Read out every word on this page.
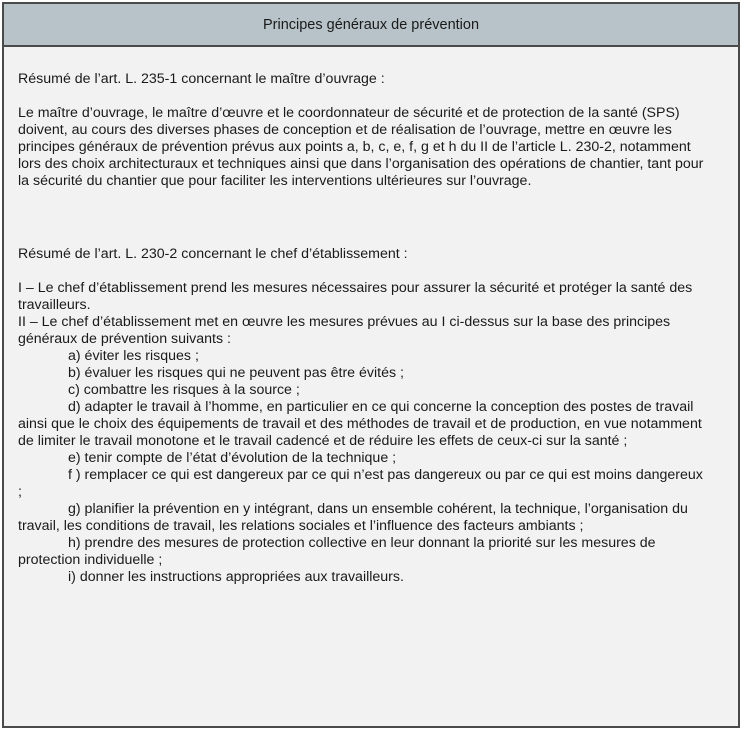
Principes généraux de prévention

Résumé de l’art. L. 235-1 concernant le maître d’ouvrage :

Le maître d’ouvrage, le maître d’œuvre et le coordonnateur de sécurité et de protection de la santé (SPS) doivent, au cours des diverses phases de conception et de réalisation de l’ouvrage, mettre en œuvre les principes généraux de prévention prévus aux points a, b, c, e, f, g et h du II de l’article L. 230-2, notamment lors des choix architecturaux et techniques ainsi que dans l’organisation des opérations de chantier, tant pour la sécurité du chantier que pour faciliter les interventions ultérieures sur l’ouvrage.

Résumé de l’art. L. 230-2 concernant le chef d’établissement :

I – Le chef d’établissement prend les mesures nécessaires pour assurer la sécurité et protéger la santé des travailleurs.

II – Le chef d’établissement met en œuvre les mesures prévues au I ci-dessus sur la base des principes généraux de prévention suivants :

a) éviter les risques ;

b) évaluer les risques qui ne peuvent pas être évités ;

c) combattre les risques à la source ;

d) adapter le travail à l’homme, en particulier en ce qui concerne la conception des postes de travail ainsi que le choix des équipements de travail et des méthodes de travail et de production, en vue notamment de limiter le travail monotone et le travail cadencé et de réduire les effets de ceux-ci sur la santé ;

e) tenir compte de l’état d’évolution de la technique ;

f ) remplacer ce qui est dangereux par ce qui n’est pas dangereux ou par ce qui est moins dangereux ;

g) planifier la prévention en y intégrant, dans un ensemble cohérent, la technique, l’organisation du travail, les conditions de travail, les relations sociales et l’influence des facteurs ambiants ;

h) prendre des mesures de protection collective en leur donnant la priorité sur les mesures de protection individuelle ;

i) donner les instructions appropriées aux travailleurs.
